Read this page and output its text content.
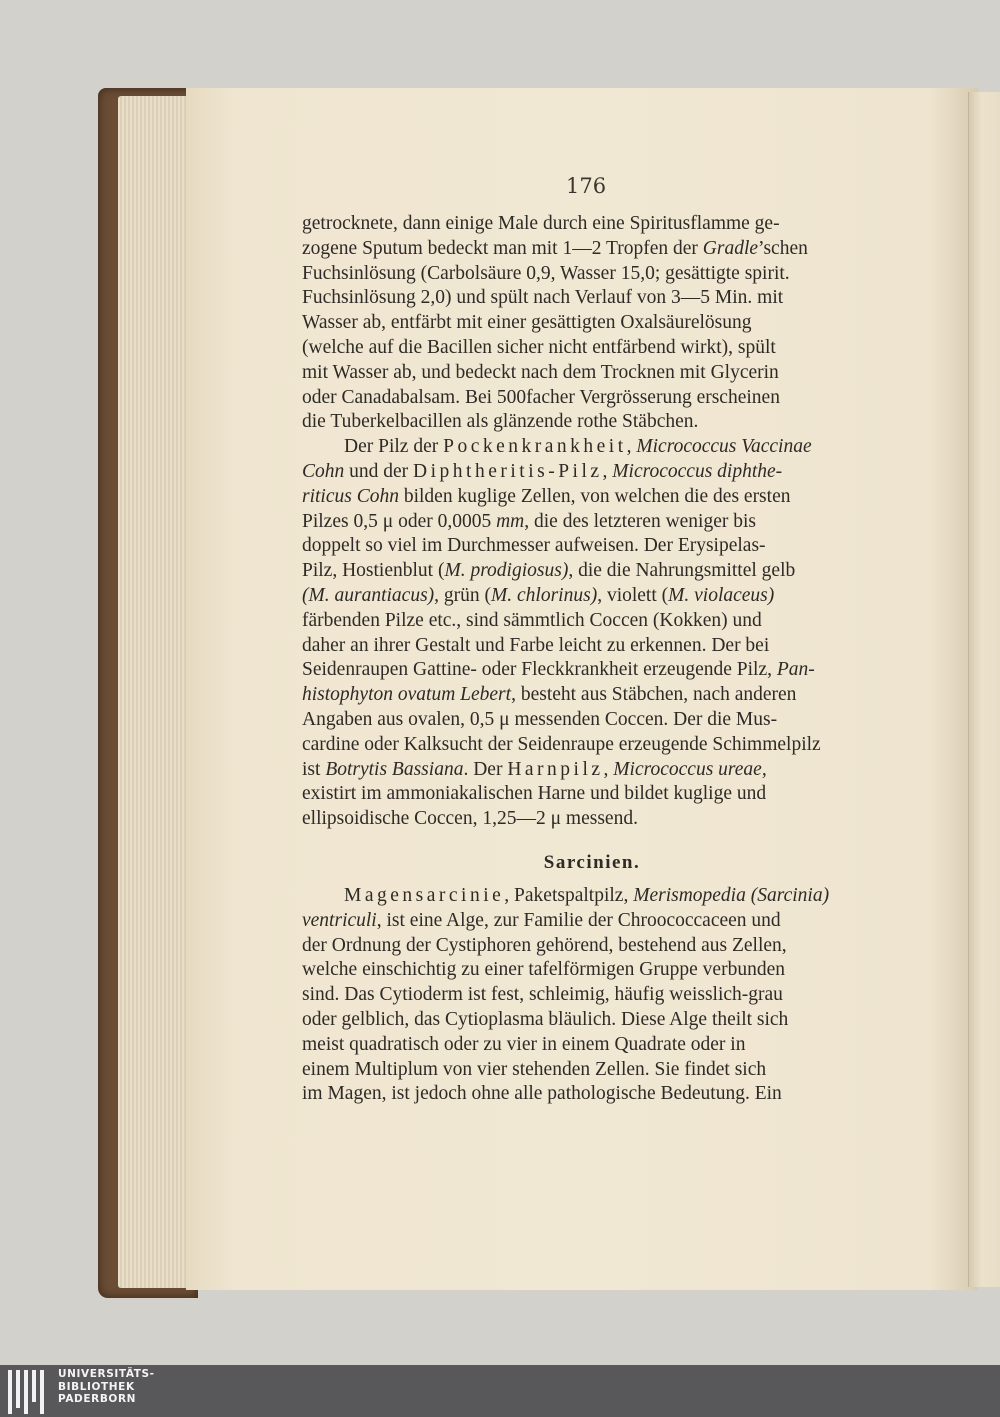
176
getrocknete, dann einige Male durch eine Spiritusflamme ge-
zogene Sputum bedeckt man mit 1—2 Tropfen der Gradle’schen
Fuchsinlösung (Carbolsäure 0,9, Wasser 15,0; gesättigte spirit.
Fuchsinlösung 2,0) und spült nach Verlauf von 3—5 Min. mit
Wasser ab, entfärbt mit einer gesättigten Oxalsäurelösung
(welche auf die Bacillen sicher nicht entfärbend wirkt), spült
mit Wasser ab, und bedeckt nach dem Trocknen mit Glycerin
oder Canadabalsam. Bei 500facher Vergrösserung erscheinen
die Tuberkelbacillen als glänzende rothe Stäbchen.
Der Pilz der Pockenkrankheit, Micrococcus Vaccinae
Cohn und der Diphtheritis-Pilz, Micrococcus diphthe-
riticus Cohn bilden kuglige Zellen, von welchen die des ersten
Pilzes 0,5 μ oder 0,0005 mm, die des letzteren weniger bis
doppelt so viel im Durchmesser aufweisen. Der Erysipelas-
Pilz, Hostienblut (M. prodigiosus), die die Nahrungsmittel gelb
(M. aurantiacus), grün (M. chlorinus), violett (M. violaceus)
färbenden Pilze etc., sind sämmtlich Coccen (Kokken) und
daher an ihrer Gestalt und Farbe leicht zu erkennen. Der bei
Seidenraupen Gattine- oder Fleckkrankheit erzeugende Pilz, Pan-
histophyton ovatum Lebert, besteht aus Stäbchen, nach anderen
Angaben aus ovalen, 0,5 μ messenden Coccen. Der die Mus-
cardine oder Kalksucht der Seidenraupe erzeugende Schimmelpilz
ist Botrytis Bassiana. Der Harnpilz, Micrococcus ureae,
existirt im ammoniakalischen Harne und bildet kuglige und
ellipsoidische Coccen, 1,25—2 μ messend.
Sarcinien.
Magensarcinie, Paketspaltpilz, Merismopedia (Sarcinia)
ventriculi, ist eine Alge, zur Familie der Chroococcaceen und
der Ordnung der Cystiphoren gehörend, bestehend aus Zellen,
welche einschichtig zu einer tafelförmigen Gruppe verbunden
sind. Das Cytioderm ist fest, schleimig, häufig weisslich-grau
oder gelblich, das Cytioplasma bläulich. Diese Alge theilt sich
meist quadratisch oder zu vier in einem Quadrate oder in
einem Multiplum von vier stehenden Zellen. Sie findet sich
im Magen, ist jedoch ohne alle pathologische Bedeutung. Ein
UNIVERSITÄTS-
BIBLIOTHEK
PADERBORN
